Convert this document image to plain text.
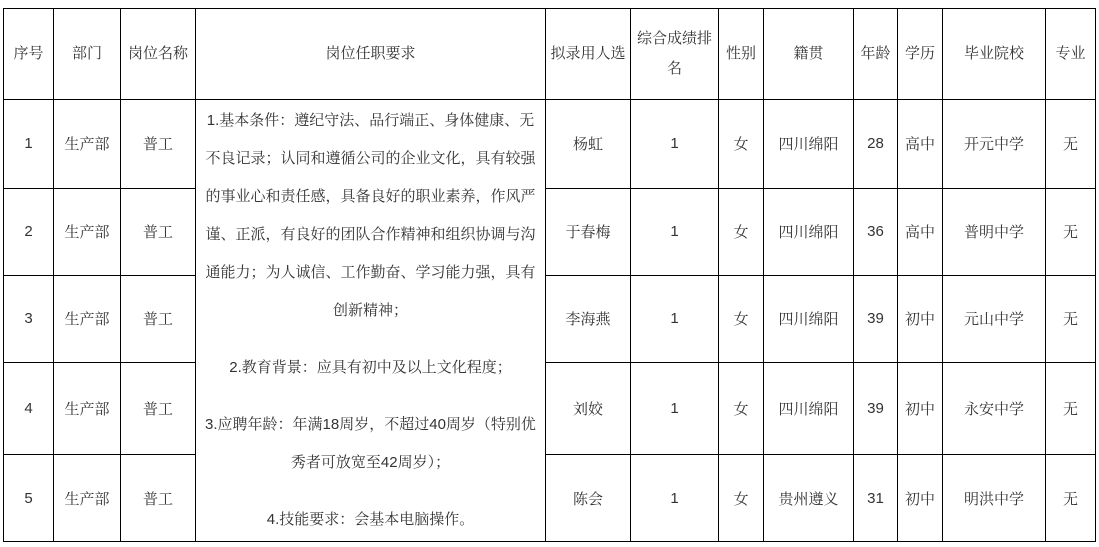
序号	部门	岗位名称	岗位任职要求	拟录用人选	综合成绩排名	性别	籍贯	年龄	学历	毕业院校	专业
1	生产部	普工	1.基本条件：遵纪守法、品行端正、身体健康、无不良记录；认同和遵循公司的企业文化，具有较强的事业心和责任感，具备良好的职业素养，作风严谨、正派，有良好的团队合作精神和组织协调与沟通能力；为人诚信、工作勤奋、学习能力强，具有创新精神；

2.教育背景：应具有初中及以上文化程度；

3.应聘年龄：年满18周岁，不超过40周岁（特别优秀者可放宽至42周岁）；

4.技能要求：会基本电脑操作。	杨虹	1	女	四川绵阳	28	高中	开元中学	无
2	生产部	普工		于春梅	1	女	四川绵阳	36	高中	普明中学	无
3	生产部	普工		李海燕	1	女	四川绵阳	39	初中	元山中学	无
4	生产部	普工		刘姣	1	女	四川绵阳	39	初中	永安中学	无
5	生产部	普工		陈会	1	女	贵州遵义	31	初中	明洪中学	无
